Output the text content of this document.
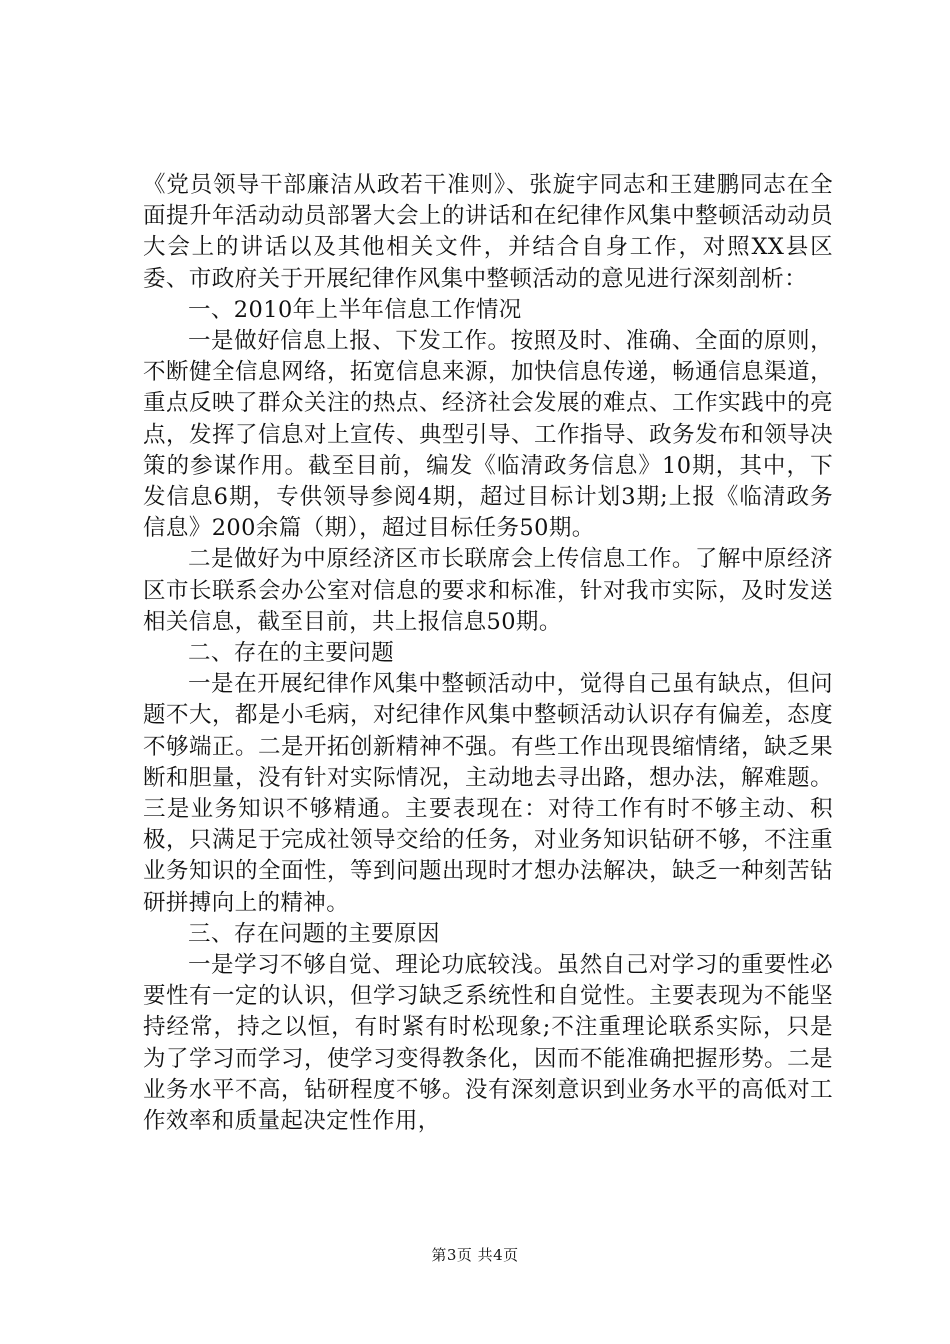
《党员领导干部廉洁从政若干准则》、张旋宇同志和王建鹏同志在全面提升年活动动员部署大会上的讲话和在纪律作风集中整顿活动动员大会上的讲话以及其他相关文件，并结合自身工作，对照XX县区委、市政府关于开展纪律作风集中整顿活动的意见进行深刻剖析：

一、2010年上半年信息工作情况

一是做好信息上报、下发工作。按照及时、准确、全面的原则，不断健全信息网络，拓宽信息来源，加快信息传递，畅通信息渠道，重点反映了群众关注的热点、经济社会发展的难点、工作实践中的亮点，发挥了信息对上宣传、典型引导、工作指导、政务发布和领导决策的参谋作用。截至目前，编发《临清政务信息》10期，其中，下发信息6期，专供领导参阅4期，超过目标计划3期;上报《临清政务信息》200余篇（期），超过目标任务50期。

二是做好为中原经济区市长联席会上传信息工作。了解中原经济区市长联系会办公室对信息的要求和标准，针对我市实际，及时发送相关信息，截至目前，共上报信息50期。

二、存在的主要问题

一是在开展纪律作风集中整顿活动中，觉得自己虽有缺点，但问题不大，都是小毛病，对纪律作风集中整顿活动认识存有偏差，态度不够端正。二是开拓创新精神不强。有些工作出现畏缩情绪，缺乏果断和胆量，没有针对实际情况，主动地去寻出路，想办法，解难题。三是业务知识不够精通。主要表现在：对待工作有时不够主动、积极，只满足于完成社领导交给的任务，对业务知识钻研不够，不注重业务知识的全面性，等到问题出现时才想办法解决，缺乏一种刻苦钻研拼搏向上的精神。

三、存在问题的主要原因

一是学习不够自觉、理论功底较浅。虽然自己对学习的重要性必要性有一定的认识，但学习缺乏系统性和自觉性。主要表现为不能坚持经常，持之以恒，有时紧有时松现象;不注重理论联系实际，只是为了学习而学习，使学习变得教条化，因而不能准确把握形势。二是业务水平不高，钻研程度不够。没有深刻意识到业务水平的高低对工作效率和质量起决定性作用，

第3页 共4页
